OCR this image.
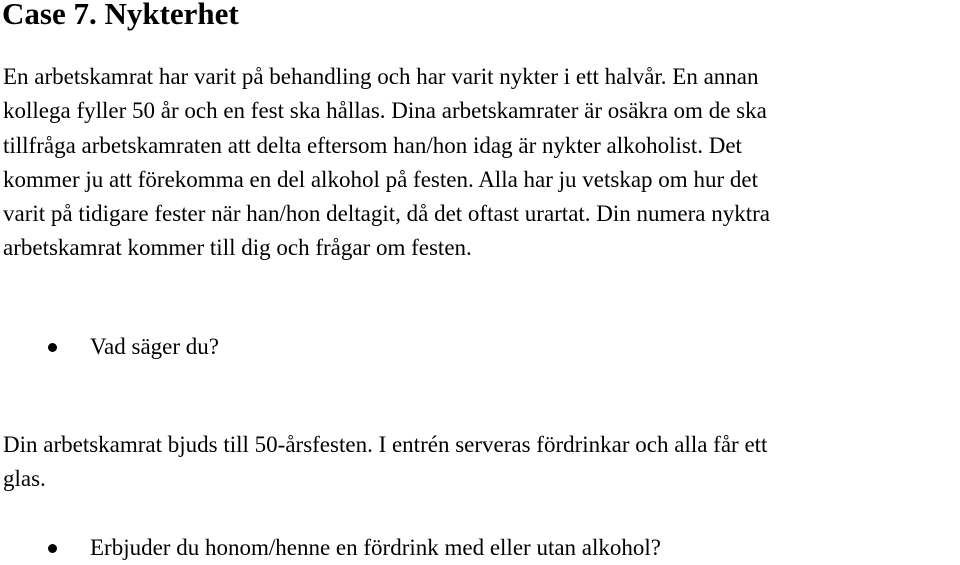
Case 7. Nykterhet
En arbetskamrat har varit på behandling och har varit nykter i ett halvår. En annan
kollega fyller 50 år och en fest ska hållas. Dina arbetskamrater är osäkra om de ska
tillfråga arbetskamraten att delta eftersom han/hon idag är nykter alkoholist. Det
kommer ju att förekomma en del alkohol på festen. Alla har ju vetskap om hur det
varit på tidigare fester när han/hon deltagit, då det oftast urartat. Din numera nyktra
arbetskamrat kommer till dig och frågar om festen.
Vad säger du?
Din arbetskamrat bjuds till 50-årsfesten. I entrén serveras fördrinkar och alla får ett
glas.
Erbjuder du honom/henne en fördrink med eller utan alkohol?
